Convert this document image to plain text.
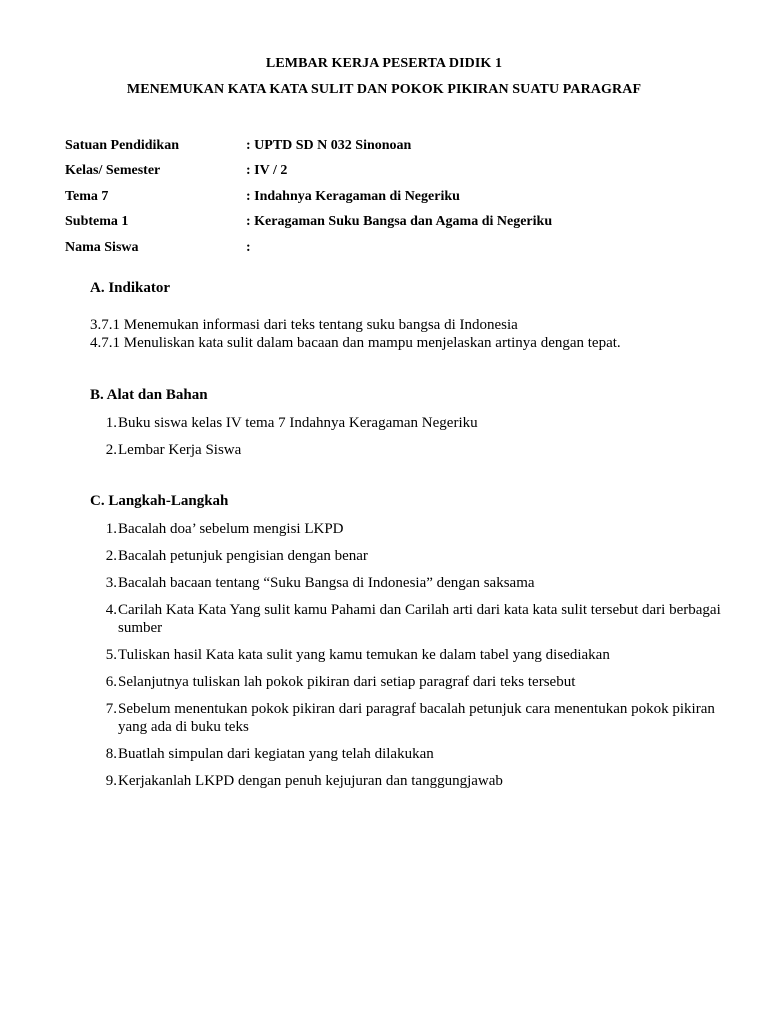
LEMBAR KERJA PESERTA DIDIK 1
MENEMUKAN KATA KATA SULIT DAN POKOK PIKIRAN SUATU PARAGRAF
Satuan Pendidikan	: UPTD SD N 032 Sinonoan
Kelas/ Semester	: IV / 2
Tema 7	: Indahnya Keragaman di Negeriku
Subtema 1	: Keragaman Suku Bangsa dan Agama di Negeriku
Nama Siswa	:
A. Indikator
3.7.1 Menemukan informasi dari teks tentang suku bangsa di Indonesia
4.7.1 Menuliskan kata sulit dalam bacaan dan mampu menjelaskan artinya dengan tepat.
B. Alat dan Bahan
1. Buku siswa kelas IV tema 7 Indahnya Keragaman Negeriku
2. Lembar Kerja Siswa
C. Langkah-Langkah
1. Bacalah doa’ sebelum mengisi LKPD
2. Bacalah petunjuk pengisian dengan benar
3. Bacalah bacaan tentang “Suku Bangsa di Indonesia” dengan saksama
4. Carilah Kata Kata Yang sulit kamu Pahami dan Carilah arti dari kata kata sulit tersebut dari berbagai sumber
5. Tuliskan hasil Kata kata sulit yang kamu temukan ke dalam tabel yang disediakan
6. Selanjutnya tuliskan lah pokok pikiran dari setiap paragraf dari teks tersebut
7. Sebelum menentukan pokok pikiran dari paragraf bacalah petunjuk cara menentukan pokok pikiran yang ada di buku teks
8. Buatlah simpulan dari kegiatan yang telah dilakukan
9. Kerjakanlah LKPD dengan penuh kejujuran dan tanggungjawab
